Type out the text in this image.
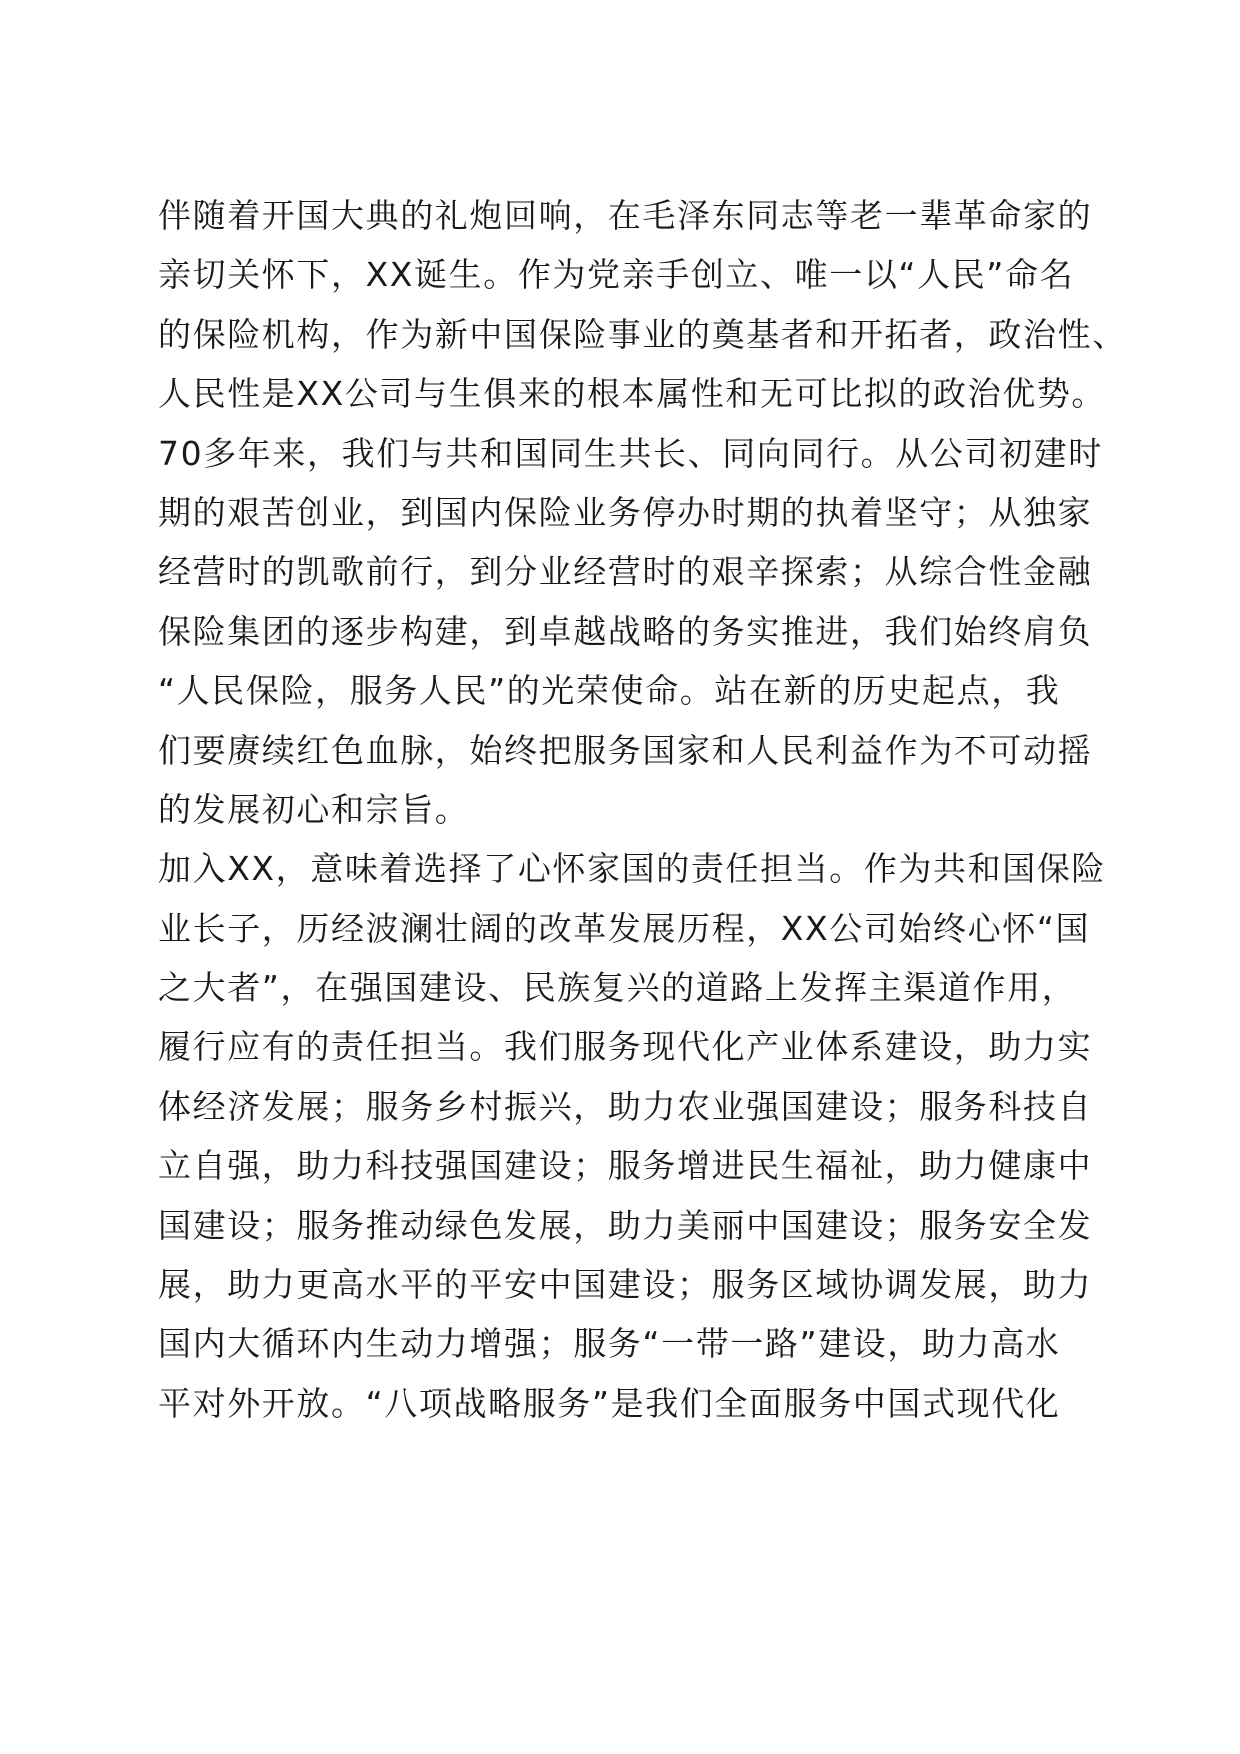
伴随着开国大典的礼炮回响，在毛泽东同志等老一辈革命家的
亲切关怀下，XX诞生。作为党亲手创立、唯一以“人民”命名
的保险机构，作为新中国保险事业的奠基者和开拓者，政治性、
人民性是XX公司与生俱来的根本属性和无可比拟的政治优势。
70多年来，我们与共和国同生共长、同向同行。从公司初建时
期的艰苦创业，到国内保险业务停办时期的执着坚守；从独家
经营时的凯歌前行，到分业经营时的艰辛探索；从综合性金融
保险集团的逐步构建，到卓越战略的务实推进，我们始终肩负
“人民保险，服务人民”的光荣使命。站在新的历史起点，我
们要赓续红色血脉，始终把服务国家和人民利益作为不可动摇
的发展初心和宗旨。
加入XX，意味着选择了心怀家国的责任担当。作为共和国保险
业长子，历经波澜壮阔的改革发展历程，XX公司始终心怀“国
之大者”，在强国建设、民族复兴的道路上发挥主渠道作用，
履行应有的责任担当。我们服务现代化产业体系建设，助力实
体经济发展；服务乡村振兴，助力农业强国建设；服务科技自
立自强，助力科技强国建设；服务增进民生福祉，助力健康中
国建设；服务推动绿色发展，助力美丽中国建设；服务安全发
展，助力更高水平的平安中国建设；服务区域协调发展，助力
国内大循环内生动力增强；服务“一带一路”建设，助力高水
平对外开放。“八项战略服务”是我们全面服务中国式现代化
